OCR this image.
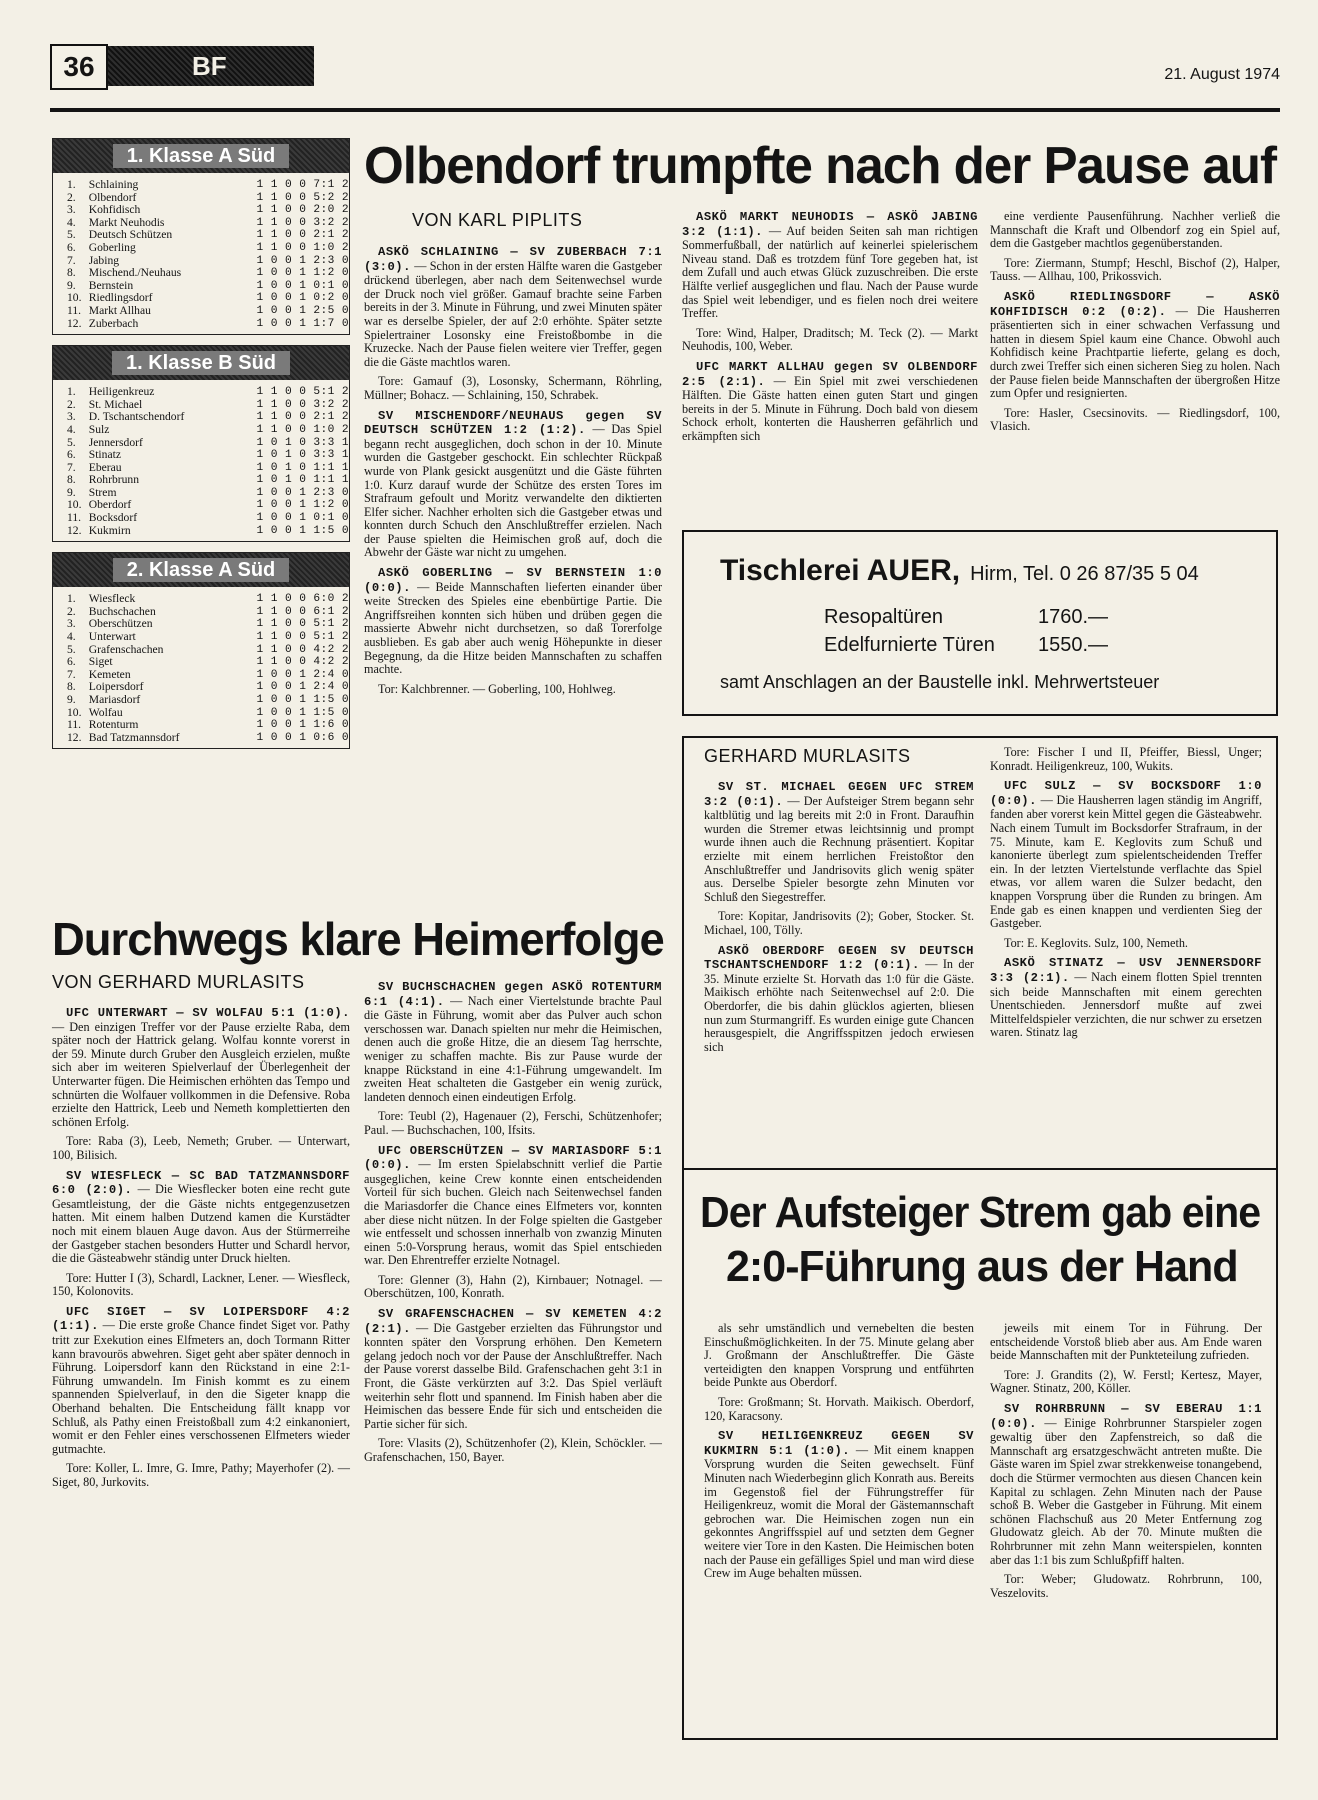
36	BF	21. August 1974
1. Klasse A Süd
1.	Schlaining	1 1 0 0 7:1 2
2.	Olbendorf	1 1 0 0 5:2 2
3.	Kohfidisch	1 1 0 0 2:0 2
4.	Markt Neuhodis	1 1 0 0 3:2 2
5.	Deutsch Schützen	1 1 0 0 2:1 2
6.	Goberling	1 1 0 0 1:0 2
7.	Jabing	1 0 0 1 2:3 0
8.	Mischend./Neuhaus	1 0 0 1 1:2 0
9.	Bernstein	1 0 0 1 0:1 0
10.	Riedlingsdorf	1 0 0 1 0:2 0
11.	Markt Allhau	1 0 0 1 2:5 0
12.	Zuberbach	1 0 0 1 1:7 0
1. Klasse B Süd
1.	Heiligenkreuz	1 1 0 0 5:1 2
2.	St. Michael	1 1 0 0 3:2 2
3.	D. Tschantschendorf	1 1 0 0 2:1 2
4.	Sulz	1 1 0 0 1:0 2
5.	Jennersdorf	1 0 1 0 3:3 1
6.	Stinatz	1 0 1 0 3:3 1
7.	Eberau	1 0 1 0 1:1 1
8.	Rohrbrunn	1 0 1 0 1:1 1
9.	Strem	1 0 0 1 2:3 0
10.	Oberdorf	1 0 0 1 1:2 0
11.	Bocksdorf	1 0 0 1 0:1 0
12.	Kukmirn	1 0 0 1 1:5 0
2. Klasse A Süd
1.	Wiesfleck	1 1 0 0 6:0 2
2.	Buchschachen	1 1 0 0 6:1 2
3.	Oberschützen	1 1 0 0 5:1 2
4.	Unterwart	1 1 0 0 5:1 2
5.	Grafenschachen	1 1 0 0 4:2 2
6.	Siget	1 1 0 0 4:2 2
7.	Kemeten	1 0 0 1 2:4 0
8.	Loipersdorf	1 0 0 1 2:4 0
9.	Mariasdorf	1 0 0 1 1:5 0
10.	Wolfau	1 0 0 1 1:5 0
11.	Rotenturm	1 0 0 1 1:6 0
12.	Bad Tatzmannsdorf	1 0 0 1 0:6 0
Olbendorf trumpfte nach der Pause auf
VON KARL PIPLITS

ASKÖ SCHLAINING — SV ZUBERBACH 7:1 (3:0). — Schon in der ersten Hälfte waren die Gastgeber drückend überlegen, aber nach dem Seitenwechsel wurde der Druck noch viel größer. Gamauf brachte seine Farben bereits in der 3. Minute in Führung, und zwei Minuten später war es derselbe Spieler, der auf 2:0 erhöhte. Später setzte Spielertrainer Losonsky eine Freistoßbombe in die Kruzecke. Nach der Pause fielen weitere vier Treffer, gegen die die Gäste machtlos waren.

Tore: Gamauf (3), Losonsky, Schermann, Röhrling, Müllner; Bohacz. — Schlaining, 150, Schrabek.

SV MISCHENDORF/NEUHAUS gegen SV DEUTSCH SCHÜTZEN 1:2 (1:2). — Das Spiel begann recht ausgeglichen, doch schon in der 10. Minute wurden die Gastgeber geschockt. Ein schlechter Rückpaß wurde von Plank gesickt ausgenützt und die Gäste führten 1:0. Kurz darauf wurde der Schütze des ersten Tores im Strafraum gefoult und Moritz verwandelte den diktierten Elfer sicher. Nachher erholten sich die Gastgeber etwas und konnten durch Schuch den Anschlußtreffer erzielen. Nach der Pause spielten die Heimischen groß auf, doch die Abwehr der Gäste war nicht zu umgehen.

ASKÖ GOBERLING — SV BERNSTEIN 1:0 (0:0). — Beide Mannschaften lieferten einander über weite Strecken des Spieles eine ebenbürtige Partie. Die Angriffsreihen konnten sich hüben und drüben gegen die massierte Abwehr nicht durchsetzen, so daß Torerfolge ausblieben. Es gab aber auch wenig Höhepunkte in dieser Begegnung, da die Hitze beiden Mannschaften zu schaffen machte.

Tor: Kalchbrenner. — Goberling, 100, Hohlweg.

ASKÖ MARKT NEUHODIS — ASKÖ JABING 3:2 (1:1). — Auf beiden Seiten sah man richtigen Sommerfußball, der natürlich auf keinerlei spielerischem Niveau stand. Daß es trotzdem fünf Tore gegeben hat, ist dem Zufall und auch etwas Glück zuzuschreiben. Die erste Hälfte verlief ausgeglichen und flau. Nach der Pause wurde das Spiel weit lebendiger, und es fielen noch drei weitere Treffer.

Tore: Wind, Halper, Draditsch; M. Teck (2). — Markt Neuhodis, 100, Weber.

UFC MARKT ALLHAU gegen SV OLBENDORF 2:5 (2:1). — Ein Spiel mit zwei verschiedenen Hälften. Die Gäste hatten einen guten Start und gingen bereits in der 5. Minute in Führung. Doch bald von diesem Schock erholt, konterten die Hausherren gefährlich und erkämpften sich

eine verdiente Pausenführung. Nachher verließ die Mannschaft die Kraft und Olbendorf zog ein Spiel auf, dem die Gastgeber machtlos gegenüberstanden.

Tore: Ziermann, Stumpf; Heschl, Bischof (2), Halper, Tauss. — Allhau, 100, Prikossvich.

ASKÖ RIEDLINGSDORF — ASKÖ KOHFIDISCH 0:2 (0:2). — Die Hausherren präsentierten sich in einer schwachen Verfassung und hatten in diesem Spiel kaum eine Chance. Obwohl auch Kohfidisch keine Prachtpartie lieferte, gelang es doch, durch zwei Treffer sich einen sicheren Sieg zu holen. Nach der Pause fielen beide Mannschaften der übergroßen Hitze zum Opfer und resignierten.

Tore: Hasler, Csecsinovits. — Riedlingsdorf, 100, Vlasich.

Tischlerei AUER, Hirm, Tel. 0 26 87/35 5 04
Resopaltüren	1760.—
Edelfurnierte Türen 1550.—
samt Anschlagen an der Baustelle inkl. Mehrwertsteuer
Durchwegs klare Heimerfolge
VON GERHARD MURLASITS

UFC UNTERWART — SV WOLFAU 5:1 (1:0). — Den einzigen Treffer vor der Pause erzielte Raba, dem später noch der Hattrick gelang. Wolfau konnte vorerst in der 59. Minute durch Gruber den Ausgleich erzielen, mußte sich aber im weiteren Spielverlauf der Überlegenheit der Unterwarter fügen. Die Heimischen erhöhten das Tempo und schnürten die Wolfauer vollkommen in die Defensive. Roba erzielte den Hattrick, Leeb und Nemeth komplettierten den schönen Erfolg.

Tore: Raba (3), Leeb, Nemeth; Gruber. — Unterwart, 100, Bilisich.

SV WIESFLECK — SC BAD TATZMANNSDORF 6:0 (2:0). — Die Wiesflecker boten eine recht gute Gesamtleistung, der die Gäste nichts entgegenzusetzen hatten. Mit einem halben Dutzend kamen die Kurstädter noch mit einem blauen Auge davon. Aus der Stürmerreihe der Gastgeber stachen besonders Hutter und Schardl hervor, die die Gästeabwehr ständig unter Druck hielten.

Tore: Hutter I (3), Schardl, Lackner, Lener. — Wiesfleck, 150, Kolonovits.

UFC SIGET — SV LOIPERSDORF 4:2 (1:1). — Die erste große Chance findet Siget vor. Pathy tritt zur Exekution eines Elfmeters an, doch Tormann Ritter kann bravourös abwehren. Siget geht aber später dennoch in Führung. Loipersdorf kann den Rückstand in eine 2:1-Führung umwandeln. Im Finish kommt es zu einem spannenden Spielverlauf, in den die Sigeter knapp die Oberhand behalten. Die Entscheidung fällt knapp vor Schluß, als Pathy einen Freistoßball zum 4:2 einkanoniert, womit er den Fehler eines verschossenen Elfmeters wieder gutmachte.

Tore: Koller, L. Imre, G. Imre, Pathy; Mayerhofer (2). — Siget, 80, Jurkovits.

SV BUCHSCHACHEN gegen ASKÖ ROTENTURM 6:1 (4:1). — Nach einer Viertelstunde brachte Paul die Gäste in Führung, womit aber das Pulver auch schon verschossen war. Danach spielten nur mehr die Heimischen, denen auch die große Hitze, die an diesem Tag herrschte, weniger zu schaffen machte. Bis zur Pause wurde der knappe Rückstand in eine 4:1-Führung umgewandelt. Im zweiten Heat schalteten die Gastgeber ein wenig zurück, landeten dennoch einen eindeutigen Erfolg.

Tore: Teubl (2), Hagenauer (2), Ferschi, Schützenhofer; Paul. — Buchschachen, 100, Ifsits.

UFC OBERSCHÜTZEN — SV MARIASDORF 5:1 (0:0). — Im ersten Spielabschnitt verlief die Partie ausgeglichen, keine Crew konnte einen entscheidenden Vorteil für sich buchen. Gleich nach Seitenwechsel fanden die Mariasdorfer die Chance eines Elfmeters vor, konnten aber diese nicht nützen. In der Folge spielten die Gastgeber wie entfesselt und schossen innerhalb von zwanzig Minuten einen 5:0-Vorsprung heraus, womit das Spiel entschieden war. Den Ehrentreffer erzielte Notnagel.

Tore: Glenner (3), Hahn (2), Kirnbauer; Notnagel. — Oberschützen, 100, Konrath.

SV GRAFENSCHACHEN — SV KEMETEN 4:2 (2:1). — Die Gastgeber erzielten das Führungstor und konnten später den Vorsprung erhöhen. Den Kemetern gelang jedoch noch vor der Pause der Anschlußtreffer. Nach der Pause vorerst dasselbe Bild. Grafenschachen geht 3:1 in Front, die Gäste verkürzten auf 3:2. Das Spiel verläuft weiterhin sehr flott und spannend. Im Finish haben aber die Heimischen das bessere Ende für sich und entscheiden die Partie sicher für sich.

Tore: Vlasits (2), Schützenhofer (2), Klein, Schöckler. — Grafenschachen, 150, Bayer.

GERHARD MURLASITS

SV ST. MICHAEL GEGEN UFC STREM 3:2 (0:1). — Der Aufsteiger Strem begann sehr kaltblütig und lag bereits mit 2:0 in Front. Daraufhin wurden die Stremer etwas leichtsinnig und prompt wurde ihnen auch die Rechnung präsentiert. Kopitar erzielte mit einem herrlichen Freistoßtor den Anschlußtreffer und Jandrisovits glich wenig später aus. Derselbe Spieler besorgte zehn Minuten vor Schluß den Siegestreffer.

Tore: Kopitar, Jandrisovits (2); Gober, Stocker. St. Michael, 100, Tölly.

ASKÖ OBERDORF GEGEN SV DEUTSCH TSCHANTSCHENDORF 1:2 (0:1). — In der 35. Minute erzielte St. Horvath das 1:0 für die Gäste. Maikisch erhöhte nach Seitenwechsel auf 2:0. Die Oberdorfer, die bis dahin glücklos agierten, bliesen nun zum Sturmangriff. Es wurden einige gute Chancen herausgespielt, die Angriffsspitzen jedoch erwiesen sich

Tore: Fischer I und II, Pfeiffer, Biessl, Unger; Konradt. Heiligenkreuz, 100, Wukits.

UFC SULZ — SV BOCKSDORF 1:0 (0:0). — Die Hausherren lagen ständig im Angriff, fanden aber vorerst kein Mittel gegen die Gästeabwehr. Nach einem Tumult im Bocksdorfer Strafraum, in der 75. Minute, kam E. Keglovits zum Schuß und kanonierte überlegt zum spielentscheidenden Treffer ein. In der letzten Viertelstunde verflachte das Spiel etwas, vor allem waren die Sulzer bedacht, den knappen Vorsprung über die Runden zu bringen. Am Ende gab es einen knappen und verdienten Sieg der Gastgeber.

Tor: E. Keglovits. Sulz, 100, Nemeth.

ASKÖ STINATZ — USV JENNERSDORF 3:3 (2:1). — Nach einem flotten Spiel trennten sich beide Mannschaften mit einem gerechten Unentschieden. Jennersdorf mußte auf zwei Mittelfeldspieler verzichten, die nur schwer zu ersetzen waren. Stinatz lag

Der Aufsteiger Strem gab eine
2:0-Führung aus der Hand

als sehr umständlich und vernebelten die besten Einschußmöglichkeiten. In der 75. Minute gelang aber J. Großmann der Anschlußtreffer. Die Gäste verteidigten den knappen Vorsprung und entführten beide Punkte aus Oberdorf.

Tore: Großmann; St. Horvath. Maikisch. Oberdorf, 120, Karacsony.

SV HEILIGENKREUZ GEGEN SV KUKMIRN 5:1 (1:0). — Mit einem knappen Vorsprung wurden die Seiten gewechselt. Fünf Minuten nach Wiederbeginn glich Konrath aus. Bereits im Gegenstoß fiel der Führungstreffer für Heiligenkreuz, womit die Moral der Gästemannschaft gebrochen war. Die Heimischen zogen nun ein gekonntes Angriffsspiel auf und setzten dem Gegner weitere vier Tore in den Kasten. Die Heimischen boten nach der Pause ein gefälliges Spiel und man wird diese Crew im Auge behalten müssen.

jeweils mit einem Tor in Führung. Der entscheidende Vorstoß blieb aber aus. Am Ende waren beide Mannschaften mit der Punkteteilung zufrieden.

Tore: J. Grandits (2), W. Ferstl; Kertesz, Mayer, Wagner. Stinatz, 200, Köller.

SV ROHRBRUNN — SV EBERAU 1:1 (0:0). — Einige Rohrbrunner Starspieler zogen gewaltig über den Zapfenstreich, so daß die Mannschaft arg ersatzgeschwächt antreten mußte. Die Gäste waren im Spiel zwar strekkenweise tonangebend, doch die Stürmer vermochten aus diesen Chancen kein Kapital zu schlagen. Zehn Minuten nach der Pause schoß B. Weber die Gastgeber in Führung. Mit einem schönen Flachschuß aus 20 Meter Entfernung zog Gludowatz gleich. Ab der 70. Minute mußten die Rohrbrunner mit zehn Mann weiterspielen, konnten aber das 1:1 bis zum Schlußpfiff halten.

Tor: Weber; Gludowatz. Rohrbrunn, 100, Veszelovits.
